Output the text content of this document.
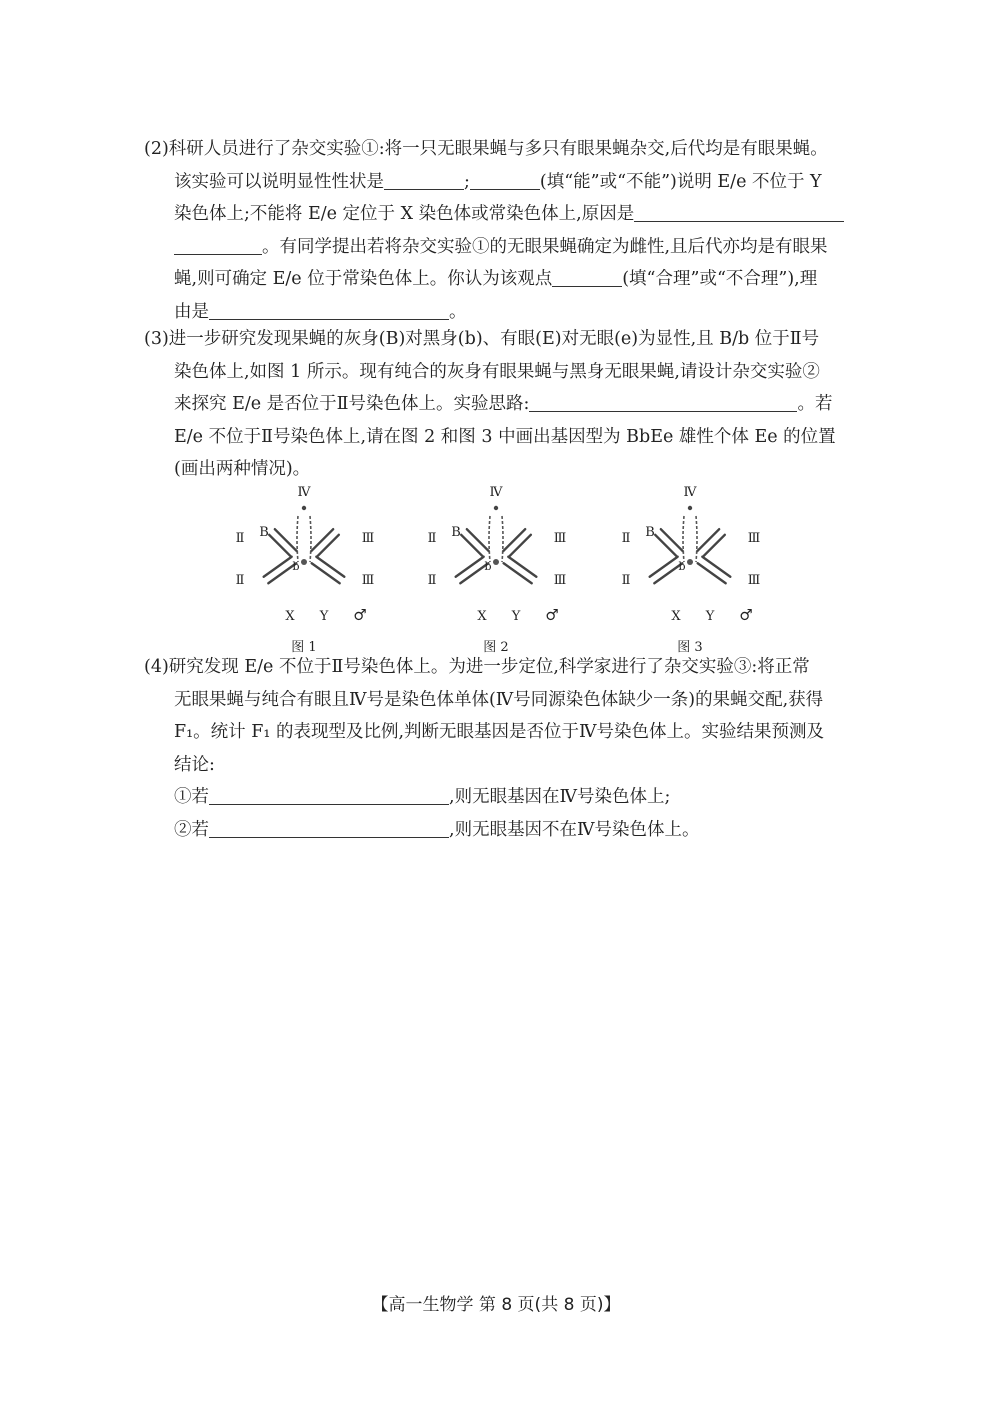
(2)科研人员进行了杂交实验①:将一只无眼果蝇与多只有眼果蝇杂交,后代均是有眼果蝇。
该实验可以说明显性性状是	;	(填“能”或“不能”)说明 E/e 不位于 Y
染色体上;不能将 E/e 定位于 X 染色体或常染色体上,原因是
。有同学提出若将杂交实验①的无眼果蝇确定为雌性,且后代亦均是有眼果
蝇,则可确定 E/e 位于常染色体上。你认为该观点	(填“合理”或“不合理”),理
由是	。

(3)进一步研究发现果蝇的灰身(B)对黑身(b)、有眼(E)对无眼(e)为显性,且 B/b 位于Ⅱ号
染色体上,如图 1 所示。现有纯合的灰身有眼果蝇与黑身无眼果蝇,请设计杂交实验②
来探究 E/e 是否位于Ⅱ号染色体上。实验思路:	。若
E/e 不位于Ⅱ号染色体上,请在图 2 和图 3 中画出基因型为 BbEe 雄性个体 Ee 的位置
(画出两种情况)。

Ⅳ
Ⅱ B
Ⅱ
b
Ⅲ
Ⅲ
X Y ♂
图 1
Ⅳ
Ⅱ B
Ⅱ
b
Ⅲ
Ⅲ
X Y ♂
图 2
Ⅳ
Ⅱ B
Ⅱ
b
Ⅲ
Ⅲ
X Y ♂
图 3

(4)研究发现 E/e 不位于Ⅱ号染色体上。为进一步定位,科学家进行了杂交实验③:将正常
无眼果蝇与纯合有眼且Ⅳ号是染色体单体(Ⅳ号同源染色体缺少一条)的果蝇交配,获得
F₁。统计 F₁ 的表现型及比例,判断无眼基因是否位于Ⅳ号染色体上。实验结果预测及
结论:
①若	,则无眼基因在Ⅳ号染色体上;
②若	,则无眼基因不在Ⅳ号染色体上。

【高一生物学 第 8 页(共 8 页)】
